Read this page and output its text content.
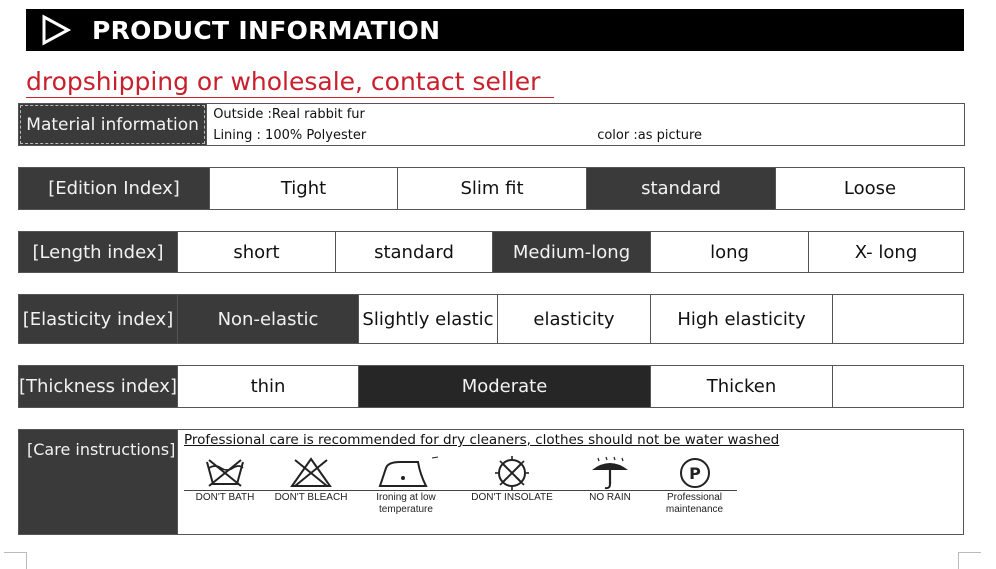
PRODUCT INFORMATION
dropshipping or wholesale, contact seller
Material information	Outside :Real rabbit fur
Lining : 100% Polyester	color :as picture
[Edition Index]	Tight	Slim fit	standard	Loose
[Length index]	short	standard	Medium-long	long	X- long
[Elasticity index]	Non-elastic	Slightly elastic	elasticity	High elasticity
[Thickness index]	thin	Moderate	Thicken
[Care instructions] Professional care is recommended for dry cleaners, clothes should not be water washed
P
DON'T BATH	DON'T BLEACH	Ironing at low temperature
DON'T INSOLATE	NO RAIN	Professional maintenance
